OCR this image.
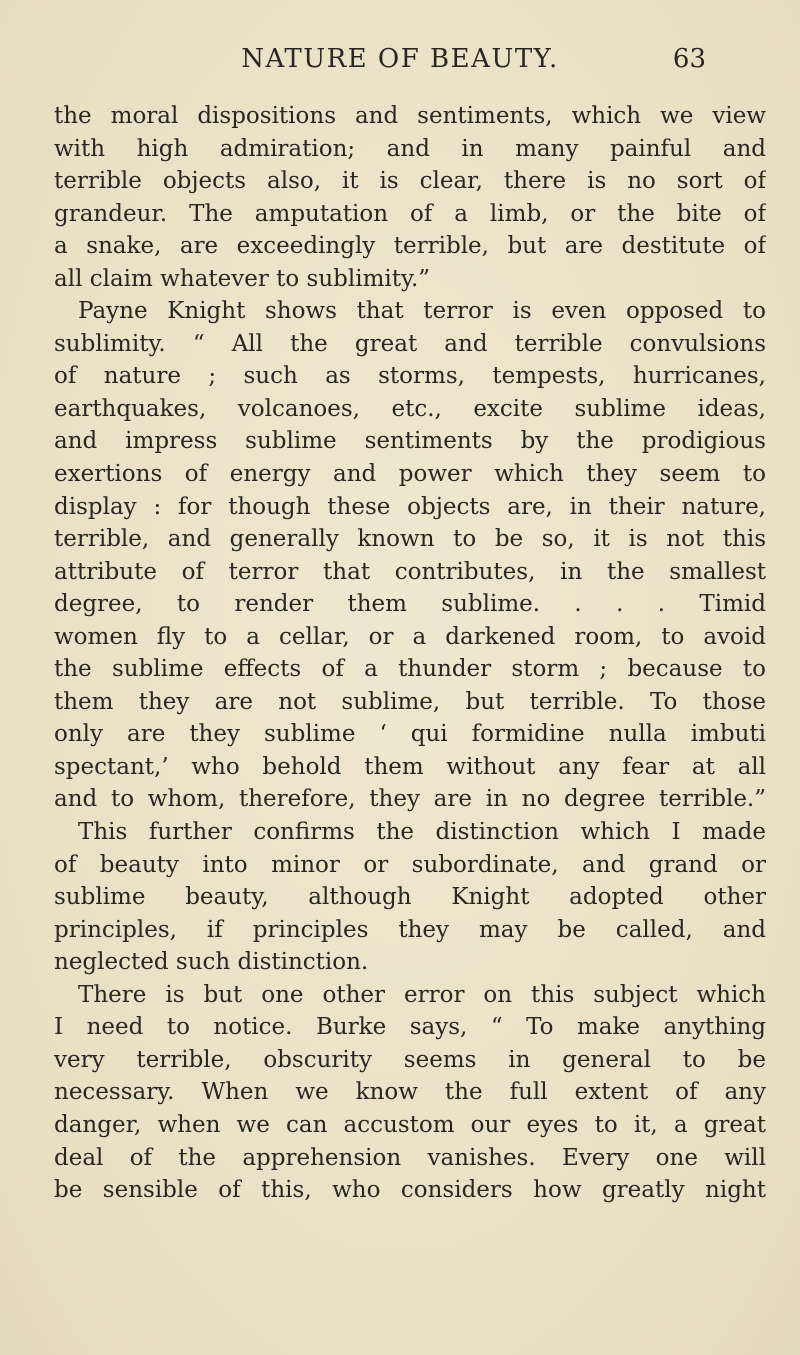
NATURE OF BEAUTY.	63
the moral dispositions and sentiments, which we view
with high admiration; and in many painful and
terrible objects also, it is clear, there is no sort of
grandeur. The amputation of a limb, or the bite of
a snake, are exceedingly terrible, but are destitute of
all claim whatever to sublimity.”
Payne Knight shows that terror is even opposed to
sublimity. “ All the great and terrible convulsions
of nature ; such as storms, tempests, hurricanes,
earthquakes, volcanoes, etc., excite sublime ideas,
and impress sublime sentiments by the prodigious
exertions of energy and power which they seem to
display : for though these objects are, in their nature,
terrible, and generally known to be so, it is not this
attribute of terror that contributes, in the smallest
degree, to render them sublime. . . . Timid
women fly to a cellar, or a darkened room, to avoid
the sublime effects of a thunder storm ; because to
them they are not sublime, but terrible. To those
only are they sublime ‘ qui formidine nulla imbuti
spectant,’ who behold them without any fear at all
and to whom, therefore, they are in no degree terrible.”
This further confirms the distinction which I made
of beauty into minor or subordinate, and grand or
sublime beauty, although Knight adopted other
principles, if principles they may be called, and
neglected such distinction.
There is but one other error on this subject which
I need to notice. Burke says, “ To make anything
very terrible, obscurity seems in general to be
necessary. When we know the full extent of any
danger, when we can accustom our eyes to it, a great
deal of the apprehension vanishes. Every one will
be sensible of this, who considers how greatly night
